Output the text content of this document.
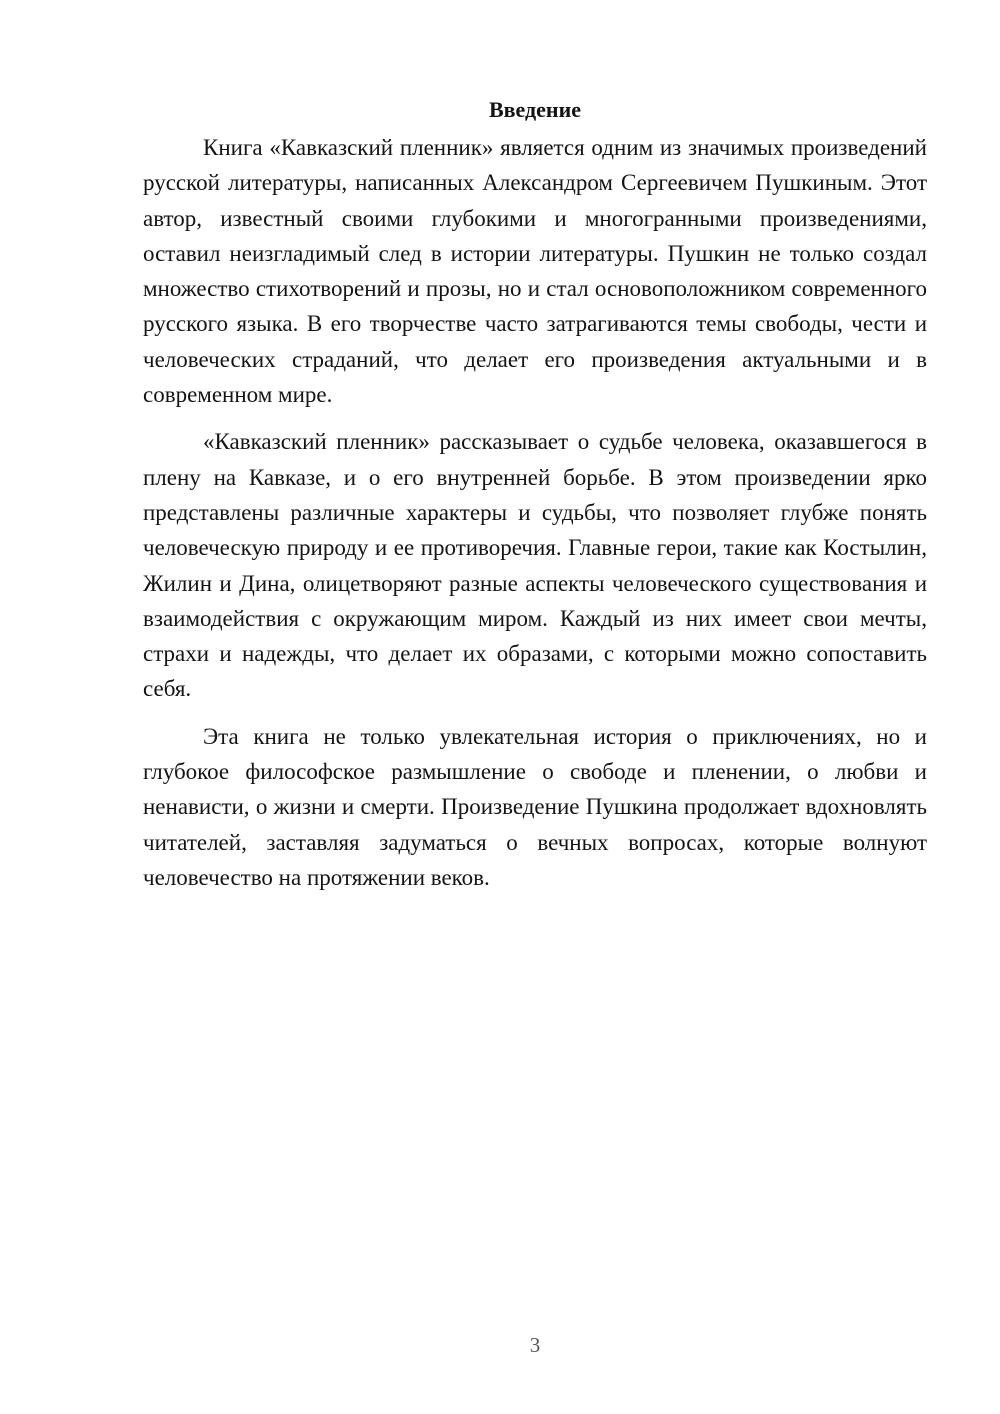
Введение

Книга «Кавказский пленник» является одним из значимых произведений русской литературы, написанных Александром Сергеевичем Пушкиным. Этот автор, известный своими глубокими и многогранными произведениями, оставил неизгладимый след в истории литературы. Пушкин не только создал множество стихотворений и прозы, но и стал основоположником современного русского языка. В его творчестве часто затрагиваются темы свободы, чести и человеческих страданий, что делает его произведения актуальными и в современном мире.

«Кавказский пленник» рассказывает о судьбе человека, оказавшегося в плену на Кавказе, и о его внутренней борьбе. В этом произведении ярко представлены различные характеры и судьбы, что позволяет глубже понять человеческую природу и ее противоречия. Главные герои, такие как Костылин, Жилин и Дина, олицетворяют разные аспекты человеческого существования и взаимодействия с окружающим миром. Каждый из них имеет свои мечты, страхи и надежды, что делает их образами, с которыми можно сопоставить себя.

Эта книга не только увлекательная история о приключениях, но и глубокое философское размышление о свободе и пленении, о любви и ненависти, о жизни и смерти. Произведение Пушкина продолжает вдохновлять читателей, заставляя задуматься о вечных вопросах, которые волнуют человечество на протяжении веков.

3
